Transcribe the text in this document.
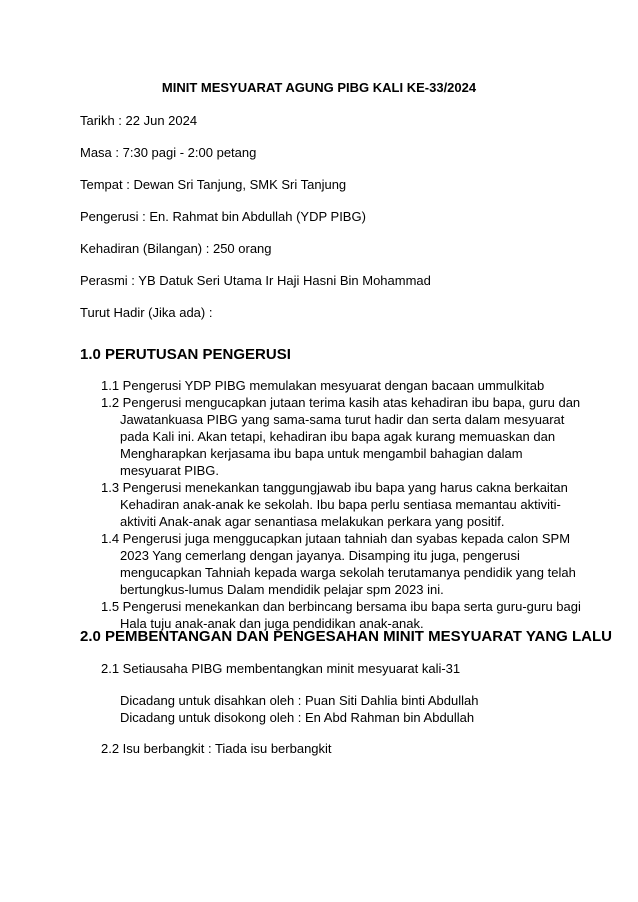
MINIT MESYUARAT AGUNG PIBG KALI KE-33/2024
Tarikh : 22 Jun 2024
Masa : 7:30 pagi - 2:00 petang
Tempat : Dewan Sri Tanjung, SMK Sri Tanjung
Pengerusi : En. Rahmat bin Abdullah (YDP PIBG)
Kehadiran (Bilangan) : 250 orang
Perasmi : YB Datuk Seri Utama Ir Haji Hasni Bin Mohammad
Turut Hadir (Jika ada) :
1.0 PERUTUSAN PENGERUSI
1.1 Pengerusi YDP PIBG memulakan mesyuarat dengan bacaan ummulkitab
1.2 Pengerusi mengucapkan jutaan terima kasih atas kehadiran ibu bapa, guru dan Jawatankuasa PIBG yang sama-sama turut hadir dan serta dalam mesyuarat pada Kali ini. Akan tetapi, kehadiran ibu bapa agak kurang memuaskan dan Mengharapkan kerjasama ibu bapa untuk mengambil bahagian dalam mesyuarat PIBG.
1.3 Pengerusi menekankan tanggungjawab ibu bapa yang harus cakna berkaitan Kehadiran anak-anak ke sekolah. Ibu bapa perlu sentiasa memantau aktiviti-aktiviti Anak-anak agar senantiasa melakukan perkara yang positif.
1.4 Pengerusi juga menggucapkan jutaan tahniah dan syabas kepada calon SPM 2023 Yang cemerlang dengan jayanya. Disamping itu juga, pengerusi mengucapkan Tahniah kepada warga sekolah terutamanya pendidik yang telah bertungkus-lumus Dalam mendidik pelajar spm 2023 ini.
1.5 Pengerusi menekankan dan berbincang bersama ibu bapa serta guru-guru bagi Hala tuju anak-anak dan juga pendidikan anak-anak.
2.0 PEMBENTANGAN DAN PENGESAHAN MINIT MESYUARAT YANG LALU
2.1 Setiausaha PIBG membentangkan minit mesyuarat kali-31
Dicadang untuk disahkan oleh : Puan Siti Dahlia binti Abdullah
Dicadang untuk disokong oleh : En Abd Rahman bin Abdullah
2.2 Isu berbangkit : Tiada isu berbangkit
